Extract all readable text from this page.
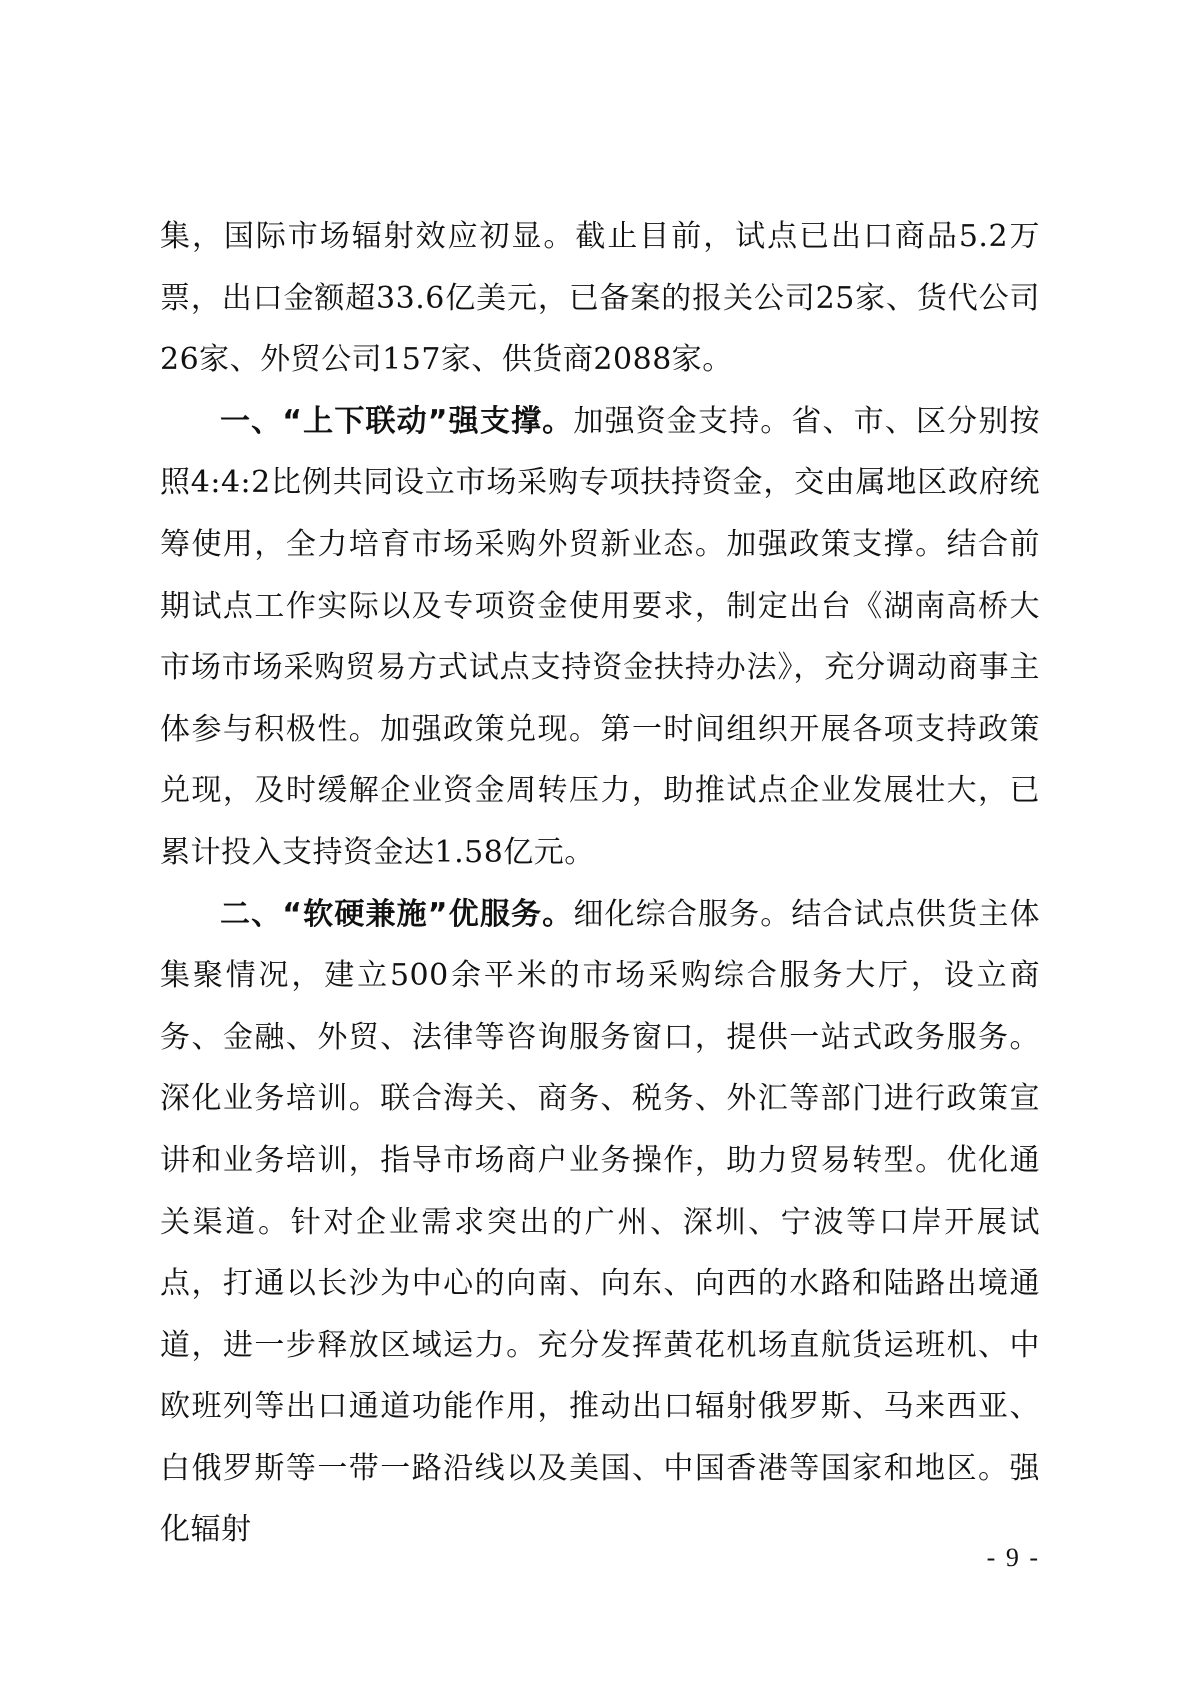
集，国际市场辐射效应初显。截止目前，试点已出口商品5.2万票，出口金额超33.6亿美元，已备案的报关公司25家、货代公司26家、外贸公司157家、供货商2088家。

一、“上下联动”强支撑。加强资金支持。省、市、区分别按照4:4:2比例共同设立市场采购专项扶持资金，交由属地区政府统筹使用，全力培育市场采购外贸新业态。加强政策支撑。结合前期试点工作实际以及专项资金使用要求，制定出台《湖南高桥大市场市场采购贸易方式试点支持资金扶持办法》，充分调动商事主体参与积极性。加强政策兑现。第一时间组织开展各项支持政策兑现，及时缓解企业资金周转压力，助推试点企业发展壮大，已累计投入支持资金达1.58亿元。

二、“软硬兼施”优服务。细化综合服务。结合试点供货主体集聚情况，建立500余平米的市场采购综合服务大厅，设立商务、金融、外贸、法律等咨询服务窗口，提供一站式政务服务。深化业务培训。联合海关、商务、税务、外汇等部门进行政策宣讲和业务培训，指导市场商户业务操作，助力贸易转型。优化通关渠道。针对企业需求突出的广州、深圳、宁波等口岸开展试点，打通以长沙为中心的向南、向东、向西的水路和陆路出境通道，进一步释放区域运力。充分发挥黄花机场直航货运班机、中欧班列等出口通道功能作用，推动出口辐射俄罗斯、马来西亚、白俄罗斯等一带一路沿线以及美国、中国香港等国家和地区。强化辐射

- 9 -
